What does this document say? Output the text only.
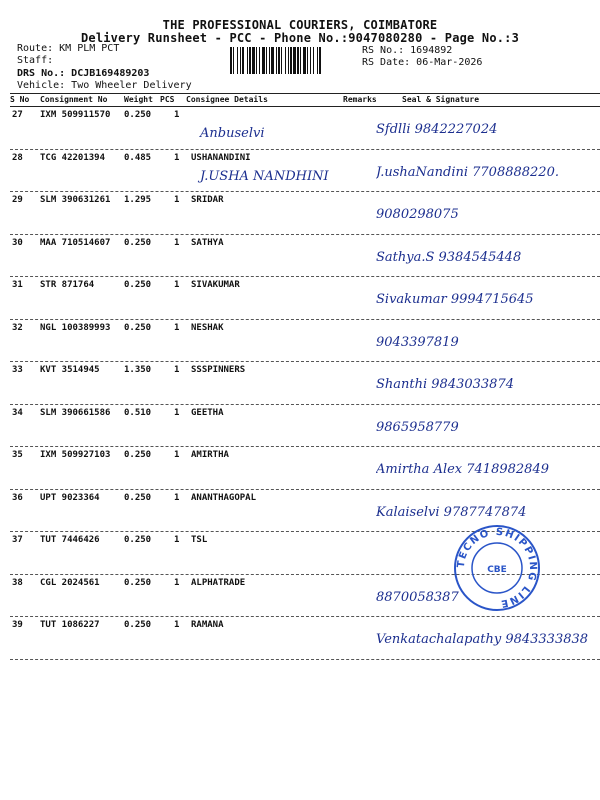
THE PROFESSIONAL COURIERS, COIMBATORE
Delivery Runsheet - PCC - Phone No.:9047080280 - Page No.:3
Route: KM PLM PCT
Staff:
DRS No.: DCJB169489203
Vehicle: Two Wheeler Delivery
RS No.: 1694892
RS Date: 06-Mar-2026
S No Consignment No Weight PCS Consignee Details	Remarks	Seal & Signature
27 IXM 509911570 0.250	1
Anbuselvi	Sfdlli 9842227024
28 TCG 42201394 0.485	1 USHANANDINI
J.USHA NANDHINI	J.ushaNandini 7708888220.
29 SLM 390631261 1.295	1 SRIDAR
9080298075
30 MAA 710514607 0.250	1 SATHYA
Sathya.S 9384545448
31 STR 871764	0.250	1 SIVAKUMAR
Sivakumar 9994715645
32 NGL 100389993 0.250	1 NESHAK
9043397819
33 KVT 3514945	1.350	1 SSSPINNERS
Shanthi 9843033874
34 SLM 390661586 0.510	1 GEETHA
9865958779
35 IXM 509927103 0.250	1 AMIRTHA
Amirtha Alex 7418982849
36 UPT 9023364	0.250	1 ANANTHAGOPAL
Kalaiselvi 9787747874
37 TUT 7446426	0.250	1 TSL
38 CGL 2024561	0.250	1 ALPHATRADE
8870058387
39 TUT 1086227	0.250	1 RAMANA
Venkatachalapathy 9843333838
TECNO SHIPPING LINE
CBE
